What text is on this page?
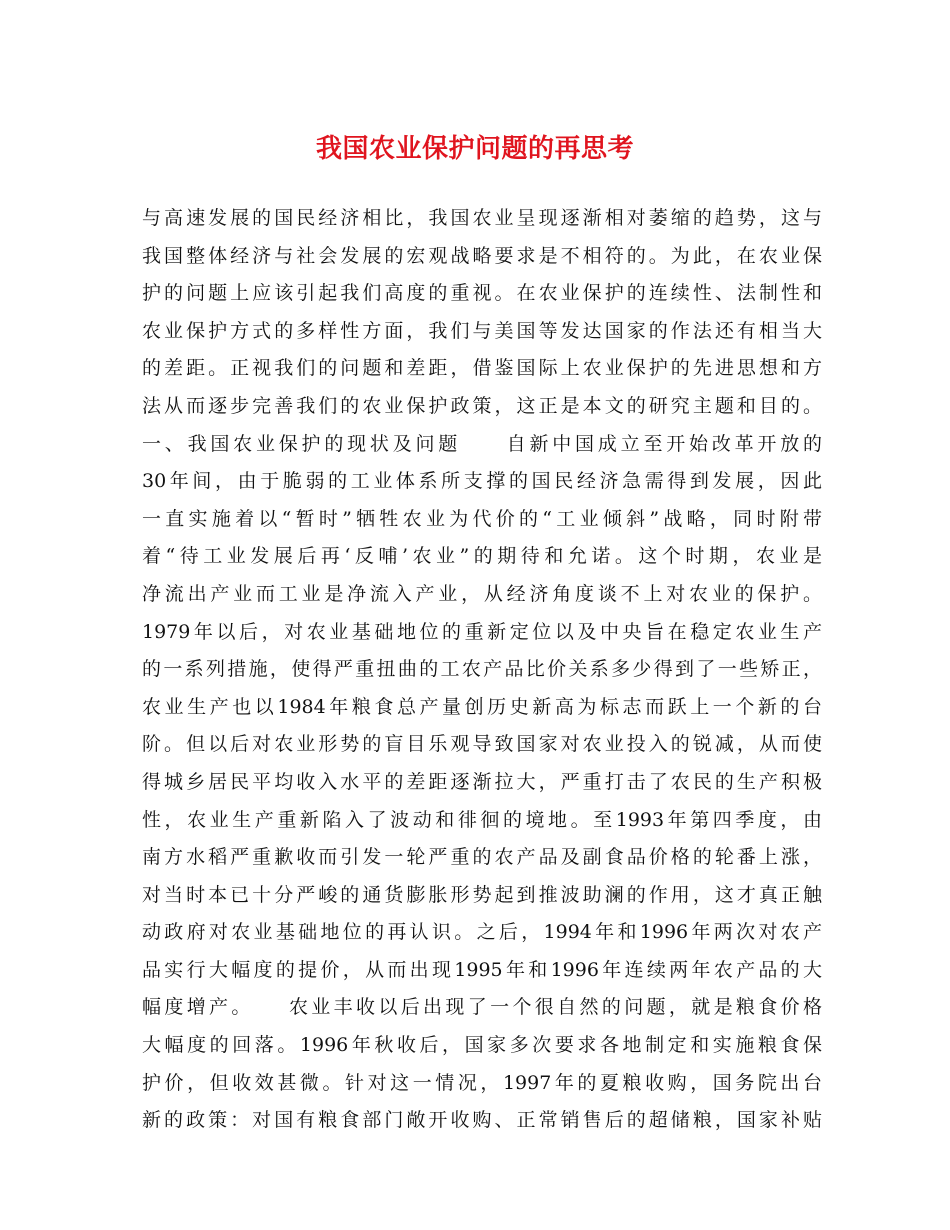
我国农业保护问题的再思考
与高速发展的国民经济相比，我国农业呈现逐渐相对萎缩的趋势，这与
我国整体经济与社会发展的宏观战略要求是不相符的。为此，在农业保
护的问题上应该引起我们高度的重视。在农业保护的连续性、法制性和
农业保护方式的多样性方面，我们与美国等发达国家的作法还有相当大
的差距。正视我们的问题和差距，借鉴国际上农业保护的先进思想和方
法从而逐步完善我们的农业保护政策，这正是本文的研究主题和目的。
一、我国农业保护的现状及问题　　自新中国成立至开始改革开放的
30年间，由于脆弱的工业体系所支撑的国民经济急需得到发展，因此
一直实施着以“暂时”牺牲农业为代价的“工业倾斜”战略，同时附带
着“待工业发展后再‘反哺’农业”的期待和允诺。这个时期，农业是
净流出产业而工业是净流入产业，从经济角度谈不上对农业的保护。
1979年以后，对农业基础地位的重新定位以及中央旨在稳定农业生产
的一系列措施，使得严重扭曲的工农产品比价关系多少得到了一些矫正，
农业生产也以1984年粮食总产量创历史新高为标志而跃上一个新的台
阶。但以后对农业形势的盲目乐观导致国家对农业投入的锐减，从而使
得城乡居民平均收入水平的差距逐渐拉大，严重打击了农民的生产积极
性，农业生产重新陷入了波动和徘徊的境地。至1993年第四季度，由
南方水稻严重歉收而引发一轮严重的农产品及副食品价格的轮番上涨，
对当时本已十分严峻的通货膨胀形势起到推波助澜的作用，这才真正触
动政府对农业基础地位的再认识。之后，1994年和1996年两次对农产
品实行大幅度的提价，从而出现1995年和1996年连续两年农产品的大
幅度增产。　　农业丰收以后出现了一个很自然的问题，就是粮食价格
大幅度的回落。1996年秋收后，国家多次要求各地制定和实施粮食保
护价，但收效甚微。针对这一情况，1997年的夏粮收购，国务院出台
新的政策：对国有粮食部门敞开收购、正常销售后的超储粮，国家补贴
